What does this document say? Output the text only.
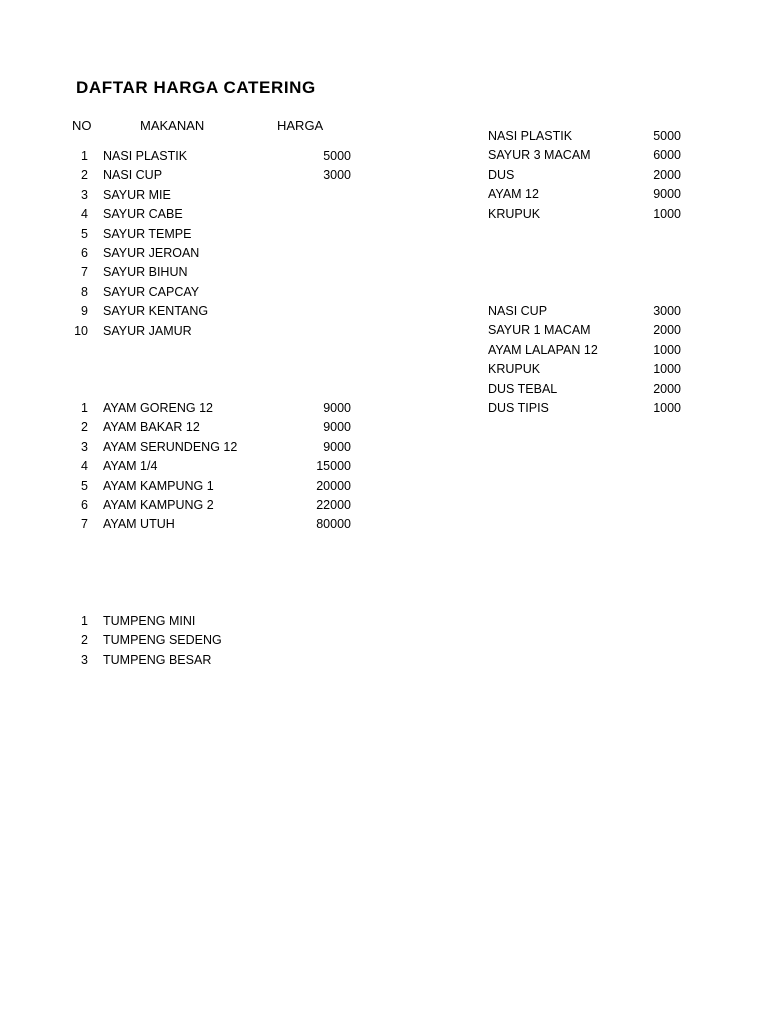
DAFTAR HARGA CATERING
NO	MAKANAN	HARGA
1 NASI PLASTIK	5000
2 NASI CUP	3000
3 SAYUR MIE
4 SAYUR CABE
5 SAYUR TEMPE
6 SAYUR JEROAN
7 SAYUR BIHUN
8 SAYUR CAPCAY
9 SAYUR KENTANG
10 SAYUR JAMUR
1 AYAM GORENG 12	9000
2 AYAM BAKAR 12	9000
3 AYAM SERUNDENG 12	9000
4 AYAM 1/4	15000
5 AYAM KAMPUNG 1	20000
6 AYAM KAMPUNG 2	22000
7 AYAM UTUH	80000
1 TUMPENG MINI
2 TUMPENG SEDENG
3 TUMPENG BESAR
NASI PLASTIK	5000
SAYUR 3 MACAM	6000
DUS	2000
AYAM 12	9000
KRUPUK	1000
NASI CUP	3000
SAYUR 1 MACAM	2000
AYAM LALAPAN 12	1000
KRUPUK	1000
DUS TEBAL	2000
DUS TIPIS	1000
